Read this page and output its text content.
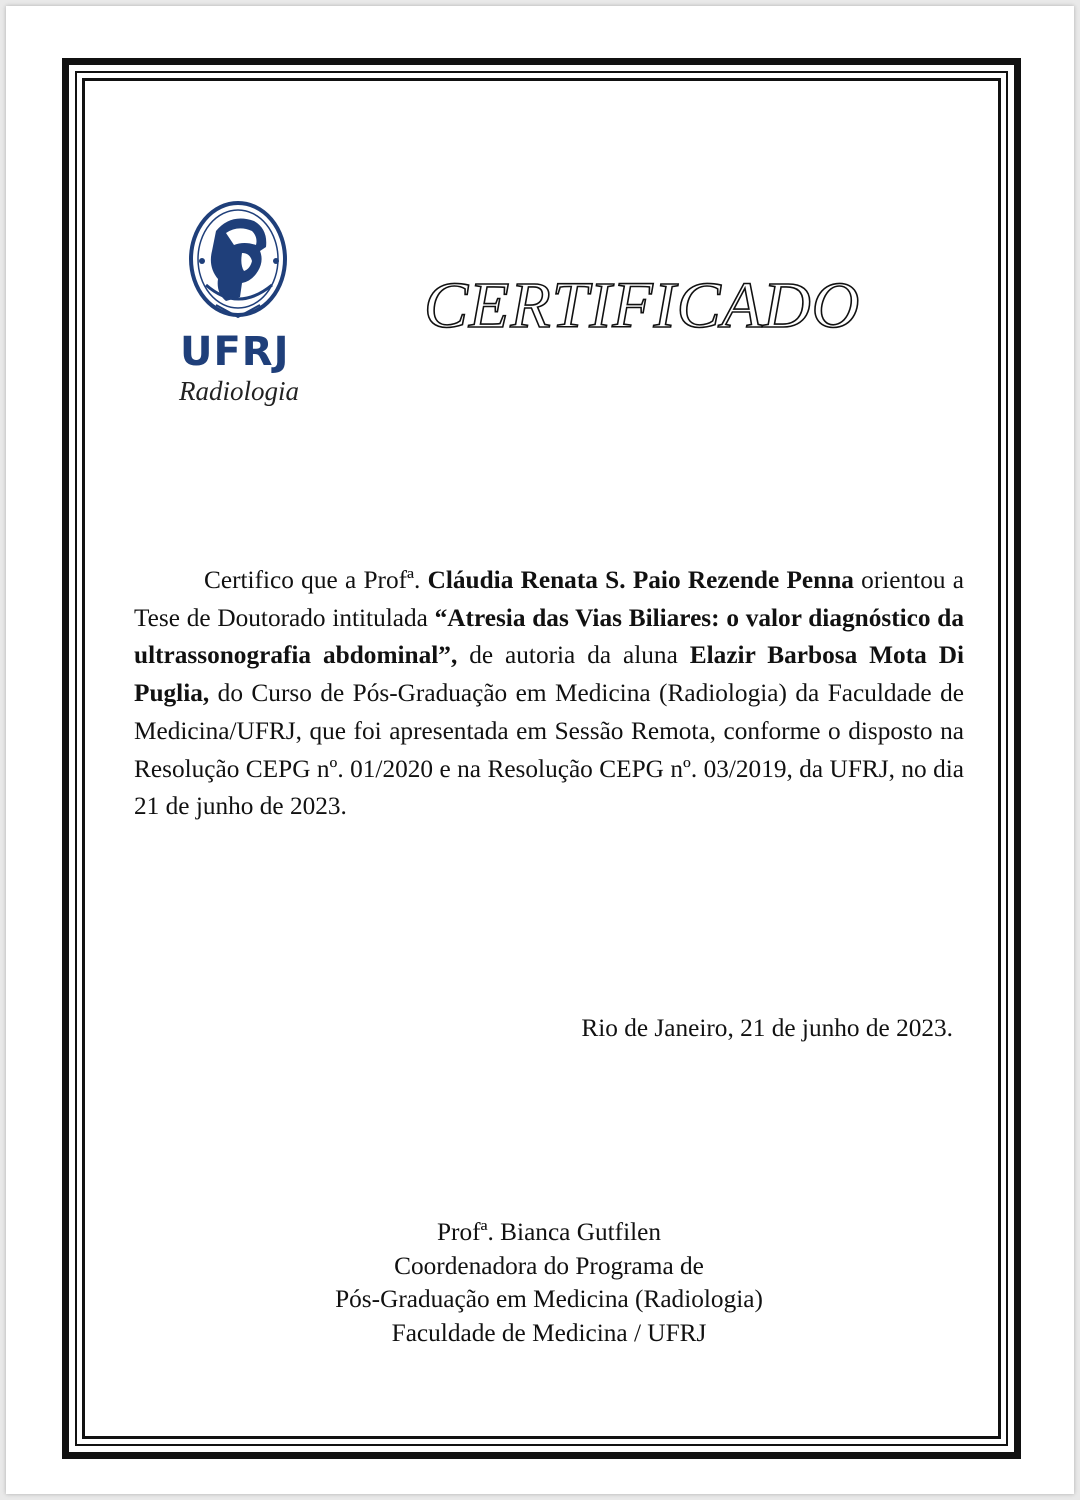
UFRJ
Radiologia
CERTIFICADO
Certifico que a Profª. Cláudia Renata S. Paio Rezende Penna orientou a Tese de Doutorado intitulada “Atresia das Vias Biliares: o valor diagnóstico da ultrassonografia abdominal”, de autoria da aluna Elazir Barbosa Mota Di Puglia, do Curso de Pós-Graduação em Medicina (Radiologia) da Faculdade de Medicina/UFRJ, que foi apresentada em Sessão Remota, conforme o disposto na Resolução CEPG nº. 01/2020 e na Resolução CEPG nº. 03/2019, da UFRJ, no dia 21 de junho de 2023.
Rio de Janeiro, 21 de junho de 2023.
Profª. Bianca Gutfilen
Coordenadora do Programa de
Pós-Graduação em Medicina (Radiologia)
Faculdade de Medicina / UFRJ
